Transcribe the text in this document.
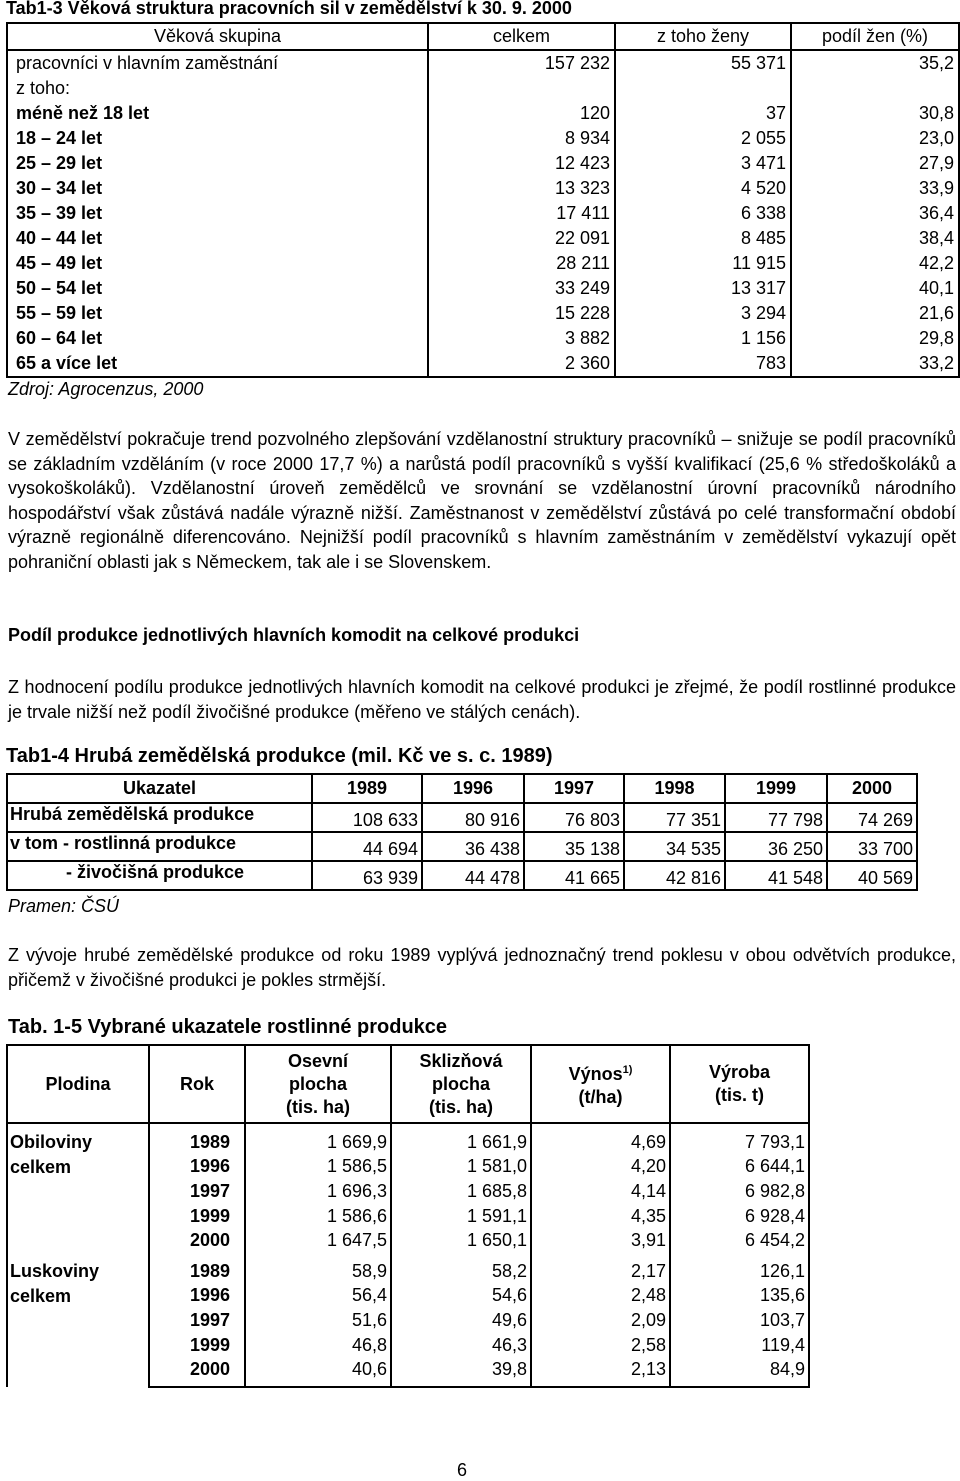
Tab1-3 Věková struktura pracovních sil v zemědělství k 30. 9. 2000
Věková skupina	celkem	z toho ženy	podíl žen (%)
pracovníci v hlavním zaměstnání	157 232	55 371	35,2
z toho:			
méně než 18 let	120	37	30,8
18 – 24 let	8 934	2 055	23,0
25 – 29 let	12 423	3 471	27,9
30 – 34 let	13 323	4 520	33,9
35 – 39 let	17 411	6 338	36,4
40 – 44 let	22 091	8 485	38,4
45 – 49 let	28 211	11 915	42,2
50 – 54 let	33 249	13 317	40,1
55 – 59 let	15 228	3 294	21,6
60 – 64 let	3 882	1 156	29,8
65 a více let	2 360	783	33,2
Zdroj: Agrocenzus, 2000

V zemědělství pokračuje trend pozvolného zlepšování vzdělanostní struktury pracovníků – snižuje se podíl pracovníků se základním vzděláním (v roce 2000 17,7 %) a narůstá podíl pracovníků s vyšší kvalifikací (25,6 % středoškoláků a vysokoškoláků). Vzdělanostní úroveň zemědělců ve srovnání se vzdělanostní úrovní pracovníků národního hospodářství však zůstává nadále výrazně nižší. Zaměstnanost v zemědělství zůstává po celé transformační období výrazně regionálně diferencováno. Nejnižší podíl pracovníků s hlavním zaměstnáním v zemědělství vykazují opět pohraniční oblasti jak s Německem, tak ale i se Slovenskem.

Podíl produkce jednotlivých hlavních komodit na celkové produkci

Z hodnocení podílu produkce jednotlivých hlavních komodit na celkové produkci je zřejmé, že podíl rostlinné produkce je trvale nižší než podíl živočišné produkce (měřeno ve stálých cenách).

Tab1-4 Hrubá zemědělská produkce (mil. Kč ve s. c. 1989)
Ukazatel	1989	1996	1997	1998	1999	2000
Hrubá zemědělská produkce	108 633	80 916	76 803	77 351	77 798	74 269
v tom - rostlinná produkce	44 694	36 438	35 138	34 535	36 250	33 700
- živočišná produkce	63 939	44 478	41 665	42 816	41 548	40 569
Pramen: ČSÚ

Z vývoje hrubé zemědělské produkce od roku 1989 vyplývá jednoznačný trend poklesu v obou odvětvích produkce, přičemž v živočišné produkci je pokles strmější.

Tab. 1-5 Vybrané ukazatele rostlinné produkce
Plodina	Rok	Osevní
plocha
(tis. ha)	Sklizňová
plocha
(tis. ha)	Výnos$^{1)}$
(t/ha)	Výroba
(tis. t)
Obiloviny
celkem	1989	1 669,9	1 661,9	4,69	7 793,1
	1996	1 586,5	1 581,0	4,20	6 644,1
	1997	1 696,3	1 685,8	4,14	6 982,8
	1999	1 586,6	1 591,1	4,35	6 928,4
	2000	1 647,5	1 650,1	3,91	6 454,2
Luskoviny
celkem	1989	58,9	58,2	2,17	126,1
	1996	56,4	54,6	2,48	135,6
	1997	51,6	49,6	2,09	103,7
	1999	46,8	46,3	2,58	119,4
	2000	40,6	39,8	2,13	84,9
6
